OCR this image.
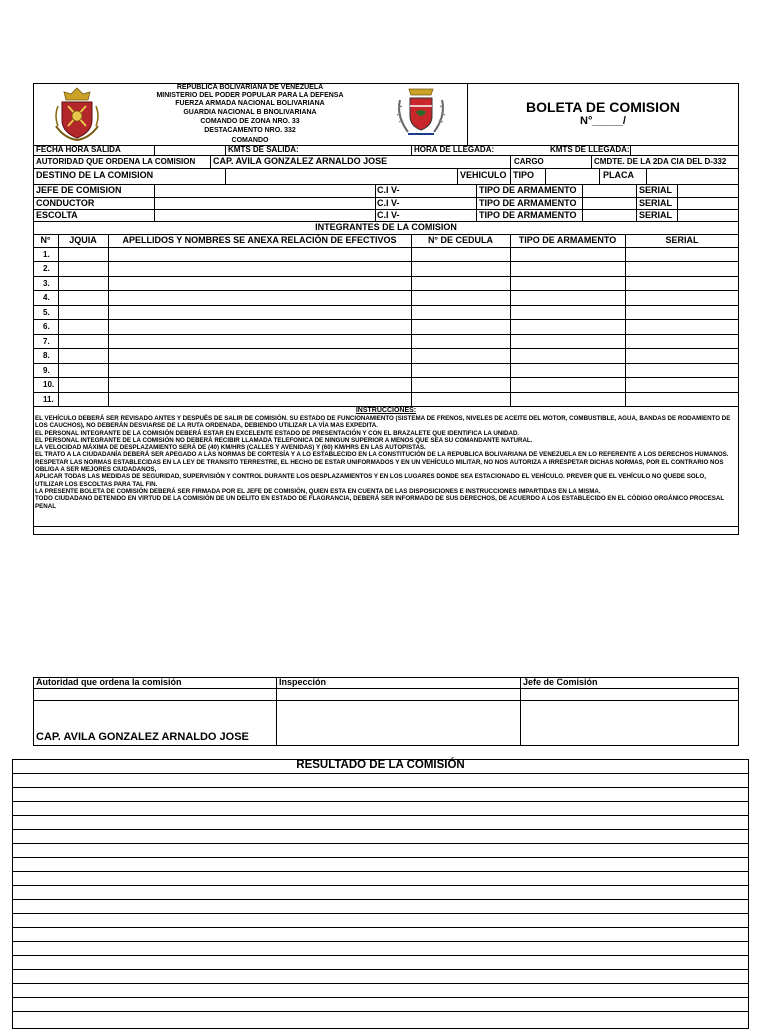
REPUBLICA BOLIVARIANA DE VENEZUELA
MINISTERIO DEL PODER POPULAR PARA LA DEFENSA
FUERZA ARMADA NACIONAL BOLIVARIANA
GUARDIA NACIONAL B BNOLIVARIANA
COMANDO DE ZONA NRO. 33
DESTACAMENTO NRO. 332
COMANDO
BOLETA DE COMISION
N°_____/
FECHA HORA SALIDA	KMTS DE SALIDA:	HORA DE LLEGADA:	KMTS DE LLEGADA:
AUTORIDAD QUE ORDENA LA COMISION CAP. AVILA GONZALEZ ARNALDO JOSE	CARGO	CMDTE. DE LA 2DA CIA DEL D-332
DESTINO DE LA COMISION	VEHICULO TIPO	PLACA
JEFE DE COMISION	C.I V-	TIPO DE ARMAMENTO	SERIAL
CONDUCTOR	C.I V-	TIPO DE ARMAMENTO	SERIAL
ESCOLTA	C.I V-	TIPO DE ARMAMENTO	SERIAL
INTEGRANTES DE LA COMISION
N°	JQUIA	APELLIDOS Y NOMBRES SE ANEXA RELACIÓN DE EFECTIVOS	N° DE CEDULA	TIPO DE ARMAMENTO	SERIAL
1.
2.
3.
4.
5.
6.
7.
8.
9.
10.
11.
INSTRUCCIONES:

EL VEHÍCULO DEBERÁ SER REVISADO ANTES Y DESPUÉS DE SALIR DE COMISIÓN. SU ESTADO DE FUNCIONAMIENTO (SISTEMA DE FRENOS, NIVELES DE ACEITE DEL MOTOR, COMBUSTIBLE, AGUA, BANDAS DE RODAMIENTO DE LOS CAUCHOS), NO DEBERÁN DESVIARSE DE LA RUTA ORDENADA, DEBIENDO UTILIZAR LA VÍA MAS EXPEDITA.

EL PERSONAL INTEGRANTE DE LA COMISIÓN DEBERÁ ESTAR EN EXCELENTE ESTADO DE PRESENTACIÓN Y CON EL BRAZALETE QUE IDENTIFICA LA UNIDAD.

EL PERSONAL INTEGRANTE DE LA COMISIÓN NO DEBERÁ RECIBIR LLAMADA TELEFONICA DE NINGUN SUPERIOR A MENOS QUE SEA SU COMANDANTE NATURAL.

LA VELOCIDAD MÁXIMA DE DESPLAZAMIENTO SERÁ DE (40) KM/HRS (CALLES Y AVENIDAS) Y (60) KM/HRS EN LAS AUTOPISTAS.

EL TRATO A LA CIUDADANÍA DEBERÁ SER APEGADO A LAS NORMAS DE CORTESÍA Y A LO ESTABLECIDO EN LA CONSTITUCIÓN DE LA REPUBLICA BOLIVARIANA DE VENEZUELA EN LO REFERENTE A LOS DERECHOS HUMANOS.

RESPETAR LAS NORMAS ESTABLECIDAS EN LA LEY DE TRANSITO TERRESTRE, EL HECHO DE ESTAR UNIFORMADOS Y EN UN VEHÍCULO MILITAR, NO NOS AUTORIZA A IRRESPETAR DICHAS NORMAS, POR EL CONTRARIO NOS OBLIGA A SER MEJORES CIUDADANOS,

APLICAR TODAS LAS MEDIDAS DE SEGURIDAD, SUPERVISIÓN Y CONTROL DURANTE LOS DESPLAZAMIENTOS Y EN LOS LUGARES DONDE SEA ESTACIONADO EL VEHÍCULO. PREVER QUE EL VEHÍCULO NO QUEDE SOLO, UTILIZAR LOS ESCOLTAS PARA TAL FIN.

LA PRESENTE BOLETA DE COMISIÓN DEBERÁ SER FIRMADA POR EL JEFE DE COMISIÓN, QUIEN ESTA EN CUENTA DE LAS DISPOSICIONES E INSTRUCCIONES IMPARTIDAS EN LA MISMA.

TODO CIUDADANO DETENIDO EN VIRTUD DE LA COMISIÓN DE UN DELITO EN ESTADO DE FLAGRANCIA, DEBERÁ SER INFORMADO DE SUS DERECHOS, DE ACUERDO A LOS ESTABLECIDO EN EL CÓDIGO ORGÁNICO PROCESAL PENAL

Autoridad que ordena la comisión	Inspección	Jefe de Comisión
CAP. AVILA GONZALEZ ARNALDO JOSE
RESULTADO DE LA COMISIÓN
